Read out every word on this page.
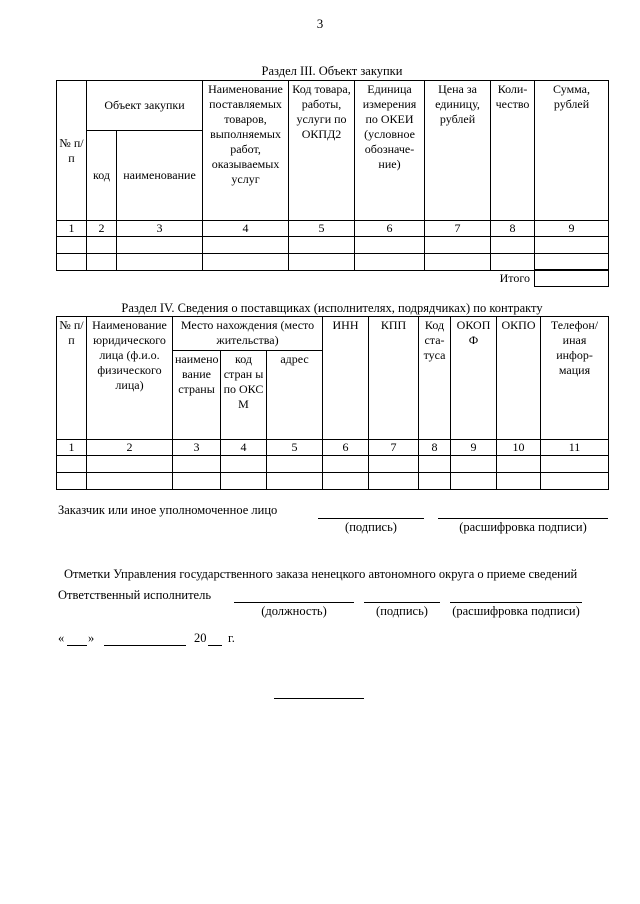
3
Раздел III. Объект закупки
№ п/п	Объект закупки		Наименование поставляемых товаров, выполняемых работ, оказываемых услуг	Код товара, работы, услуги по ОКПД2	Единица измерения по ОКЕИ (условное обозначе-ние)	Цена за единицу, рублей	Коли-чество	Сумма, рублей
	код	наименование						
1	2	3	4	5	6	7	8	9

Итого
Раздел IV. Сведения о поставщиках (исполнителях, подрядчиках) по контракту
№ п/п	Наименование юридического лица (ф.и.о. физического лица)	Место нахождения (место жительства)			ИНН	КПП	Код ста-туса	ОКОП Ф	ОКПО	Телефон/иная инфор-мация
		наимено вание страны	код стран ы по ОКС М	адрес						
1	2	3	4	5	6	7	8	9	10	11

Заказчик или иное уполномоченное лицо
(подпись)	(расшифровка подписи)
Отметки Управления государственного заказа ненецкого автономного округа о приеме сведений
Ответственный исполнитель
(должность)	(подпись)	(расшифровка подписи)
« »	20 г.
